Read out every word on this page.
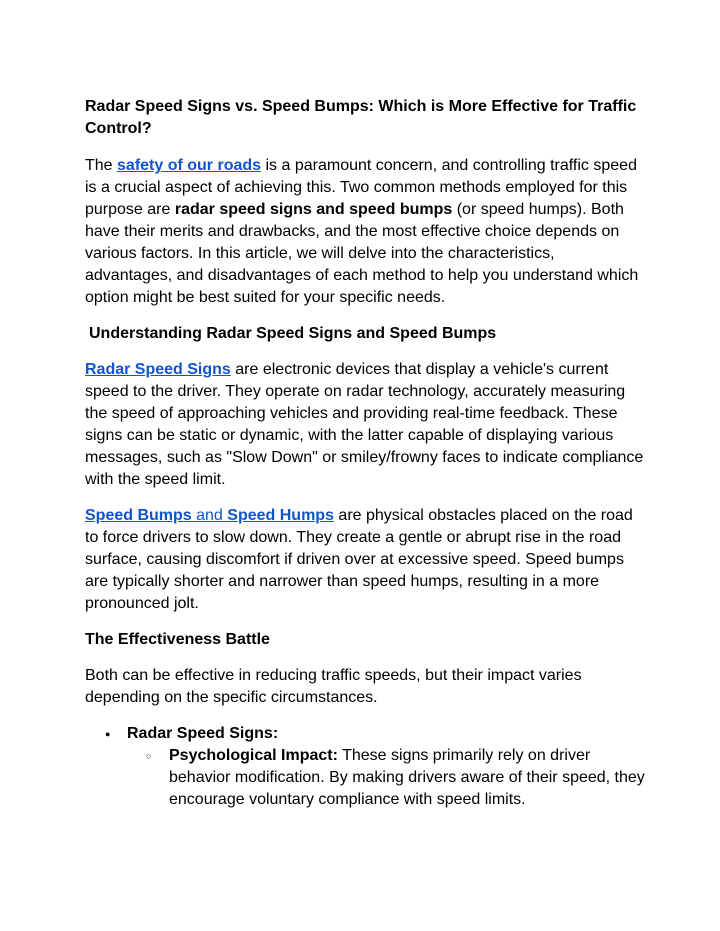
Radar Speed Signs vs. Speed Bumps: Which is More Effective for Traffic Control?

The safety of our roads is a paramount concern, and controlling traffic speed is a crucial aspect of achieving this. Two common methods employed for this purpose are radar speed signs and speed bumps (or speed humps). Both have their merits and drawbacks, and the most effective choice depends on various factors. In this article, we will delve into the characteristics, advantages, and disadvantages of each method to help you understand which option might be best suited for your specific needs.

Understanding Radar Speed Signs and Speed Bumps

Radar Speed Signs are electronic devices that display a vehicle's current speed to the driver. They operate on radar technology, accurately measuring the speed of approaching vehicles and providing real-time feedback. These signs can be static or dynamic, with the latter capable of displaying various messages, such as "Slow Down" or smiley/frowny faces to indicate compliance with the speed limit.

Speed Bumps and Speed Humps are physical obstacles placed on the road to force drivers to slow down. They create a gentle or abrupt rise in the road surface, causing discomfort if driven over at excessive speed. Speed bumps are typically shorter and narrower than speed humps, resulting in a more pronounced jolt.

The Effectiveness Battle

Both can be effective in reducing traffic speeds, but their impact varies depending on the specific circumstances.

● Radar Speed Signs:
○ Psychological Impact: These signs primarily rely on driver behavior modification. By making drivers aware of their speed, they encourage voluntary compliance with speed limits.
